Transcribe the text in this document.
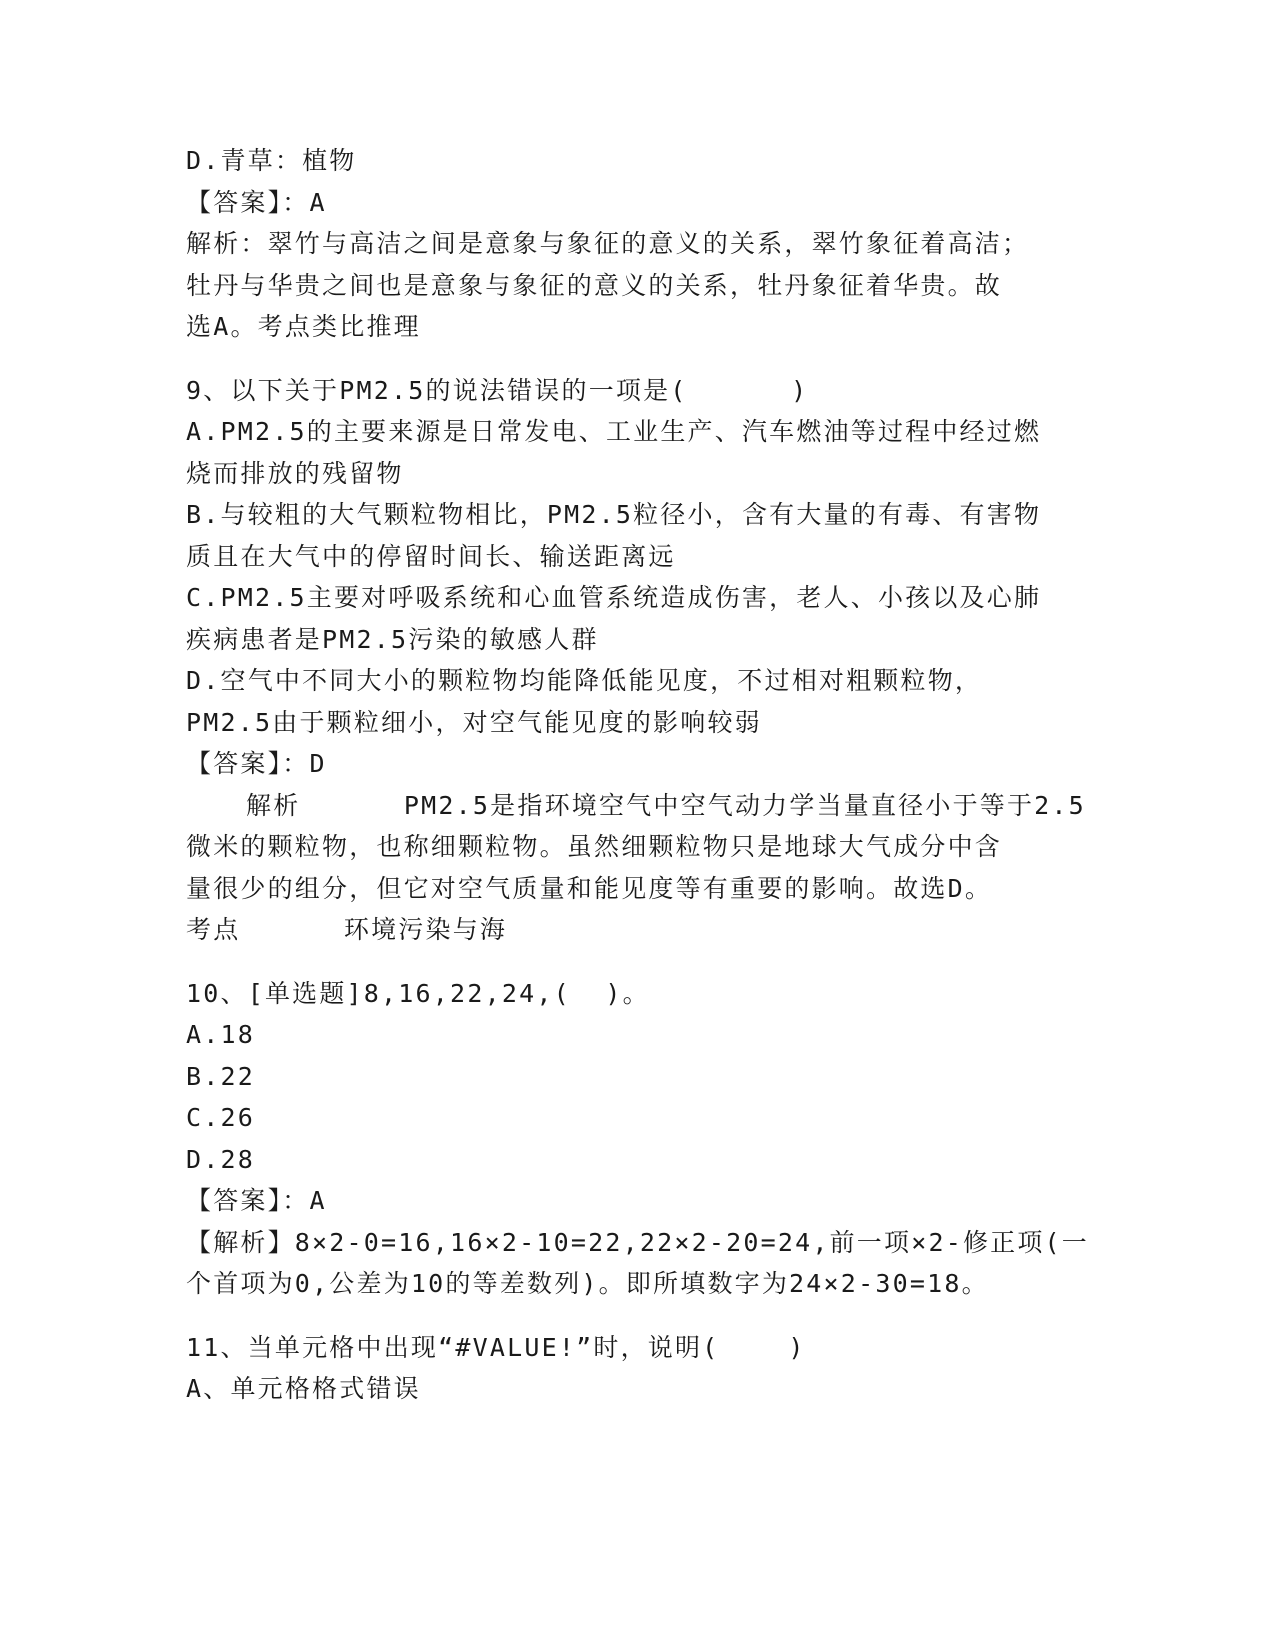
D.青草：植物
【答案】：A
解析：翠竹与高洁之间是意象与象征的意义的关系，翠竹象征着高洁；
牡丹与华贵之间也是意象与象征的意义的关系，牡丹象征着华贵。故
选A。考点类比推理
9、以下关于PM2.5的说法错误的一项是(      )
A.PM2.5的主要来源是日常发电、工业生产、汽车燃油等过程中经过燃
烧而排放的残留物
B.与较粗的大气颗粒物相比，PM2.5粒径小，含有大量的有毒、有害物
质且在大气中的停留时间长、输送距离远
C.PM2.5主要对呼吸系统和心血管系统造成伤害，老人、小孩以及心肺
疾病患者是PM2.5污染的敏感人群
D.空气中不同大小的颗粒物均能降低能见度，不过相对粗颗粒物，
PM2.5由于颗粒细小，对空气能见度的影响较弱
【答案】：D
解析      PM2.5是指环境空气中空气动力学当量直径小于等于2.5
微米的颗粒物，也称细颗粒物。虽然细颗粒物只是地球大气成分中含
量很少的组分，但它对空气质量和能见度等有重要的影响。故选D。
考点      环境污染与海
10、[单选题]8,16,22,24,(  )。
A.18
B.22
C.26
D.28
【答案】：A
【解析】8×2-0=16,16×2-10=22,22×2-20=24,前一项×2-修正项(一
个首项为0,公差为10的等差数列)。即所填数字为24×2-30=18。
11、当单元格中出现“#VALUE!”时，说明(    )
A、单元格格式错误
